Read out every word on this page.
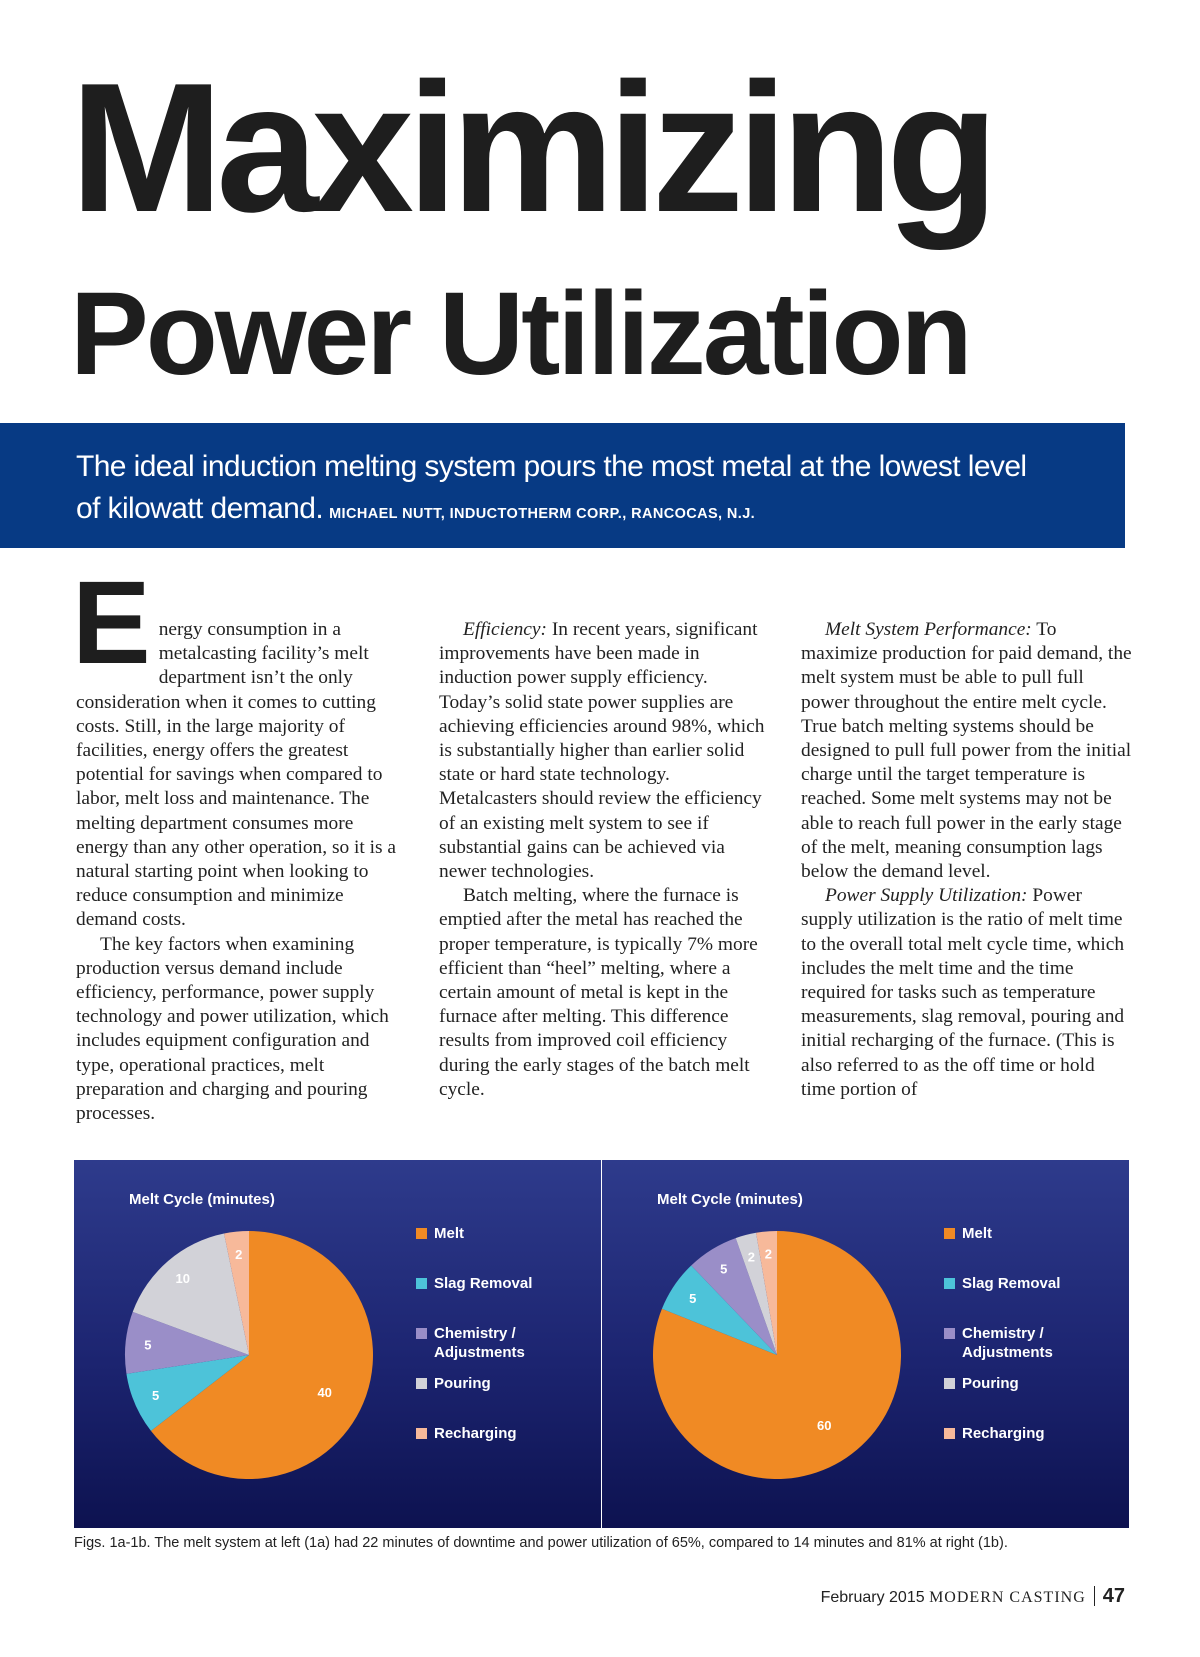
Maximizing
Power Utilization
The ideal induction melting system pours the most metal at the lowest level
of kilowatt demand. MICHAEL NUTT, INDUCTOTHERM CORP., RANCOCAS, N.J.

Energy consumption in a metalcasting facility’s melt department isn’t the only consideration when it comes to cutting costs. Still, in the large majority of facilities, energy offers the greatest potential for savings when compared to labor, melt loss and maintenance. The melting department consumes more energy than any other operation, so it is a natural starting point when looking to reduce consumption and minimize demand costs.

The key factors when examining production versus demand include efficiency, performance, power supply technology and power utilization, which includes equipment configuration and type, operational practices, melt preparation and charging and pouring processes.

Efficiency: In recent years, significant improvements have been made in induction power supply efficiency. Today’s solid state power supplies are achieving efficiencies around 98%, which is substantially higher than earlier solid state or hard state technology. Metalcasters should review the efficiency of an existing melt system to see if substantial gains can be achieved via newer technologies.

Batch melting, where the furnace is emptied after the metal has reached the proper temperature, is typically 7% more efficient than “heel” melting, where a certain amount of metal is kept in the furnace after melting. This difference results from improved coil efficiency during the early stages of the batch melt cycle.

Melt System Performance: To maximize production for paid demand, the melt system must be able to pull full power throughout the entire melt cycle. True batch melting systems should be designed to pull full power from the initial charge until the target temperature is reached. Some melt systems may not be able to reach full power in the early stage of the melt, meaning consumption lags below the demand level.

Power Supply Utilization: Power supply utilization is the ratio of melt time to the overall total melt cycle time, which includes the melt time and the time required for tasks such as temperature measurements, slag removal, pouring and initial recharging of the furnace. (This is also referred to as the off time or hold time portion of

Melt Cycle (minutes)
40
5
5
10
2
Melt
Slag Removal
Chemistry / Adjustments
Pouring
Recharging
Melt Cycle (minutes)
60
5
5
2 2
Melt
Slag Removal
Chemistry / Adjustments
Pouring
Recharging
Figs. 1a-1b. The melt system at left (1a) had 22 minutes of downtime and power utilization of 65%, compared to 14 minutes and 81% at right (1b).
February 2015 MODERN CASTING 47
